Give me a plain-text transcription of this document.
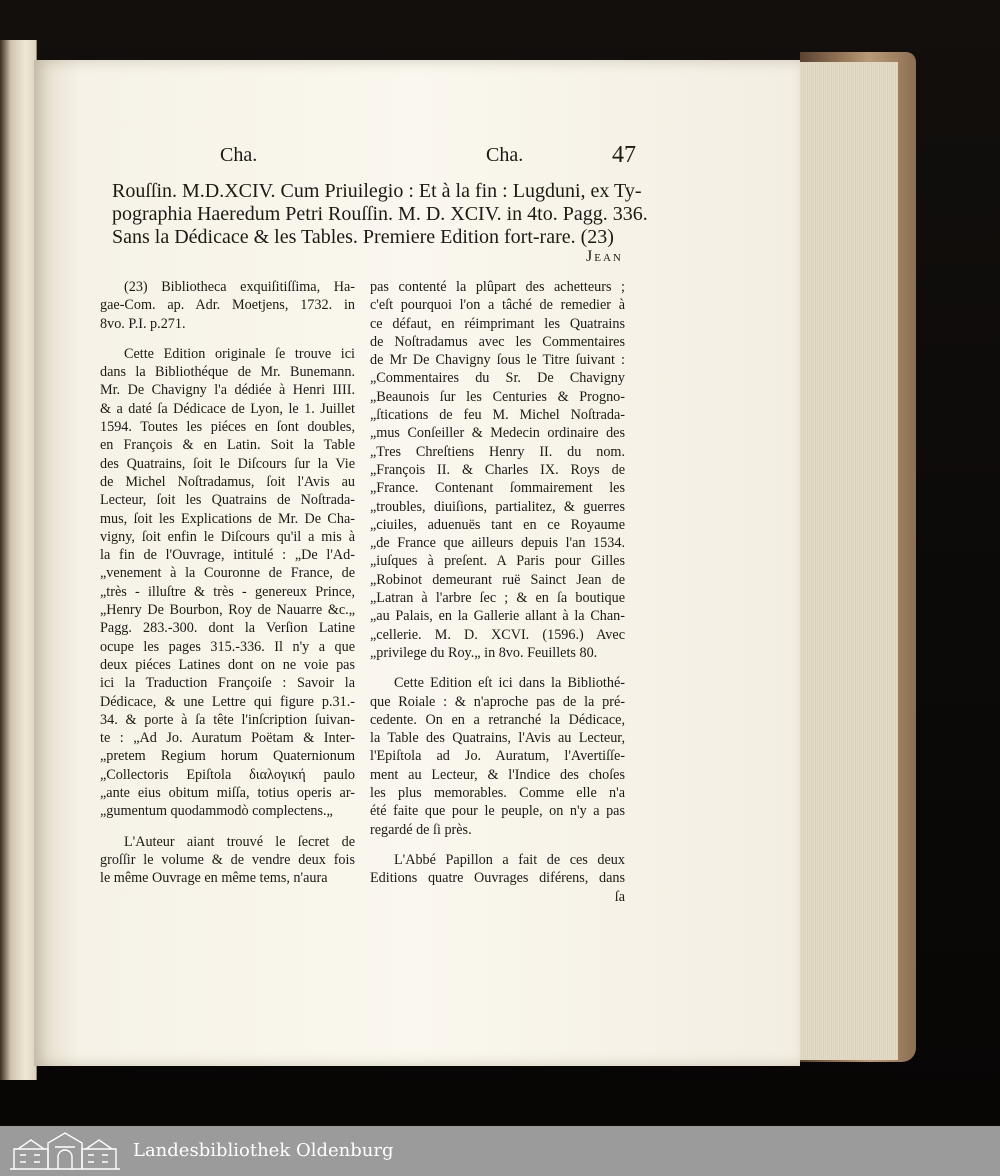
Cha.	Cha.	47
Rouſſin. M.D.XCIV. Cum Priuilegio : Et à la fin : Lugduni, ex Ty-
pographia Haeredum Petri Rouſſin. M. D. XCIV. in 4to. Pagg. 336.
Sans la Dédicace & les Tables. Premiere Edition fort-rare. (23)
Jean
(23) Bibliotheca exquiſitiſſima, Ha-
gae-Com. ap. Adr. Moetjens, 1732. in
8vo. P.I. p.271.
Cette Edition originale ſe trouve ici
dans la Bibliothéque de Mr. Bunemann.
Mr. De Chavigny l'a dédiée à Henri IIII.
& a daté ſa Dédicace de Lyon, le 1. Juillet
1594. Toutes les piéces en ſont doubles,
en François & en Latin. Soit la Table
des Quatrains, ſoit le Diſcours ſur la Vie
de Michel Noſtradamus, ſoit l'Avis au
Lecteur, ſoit les Quatrains de Noſtrada-
mus, ſoit les Explications de Mr. De Cha-
vigny, ſoit enfin le Diſcours qu'il a mis à
la fin de l'Ouvrage, intitulé : „De l'Ad-
„venement à la Couronne de France, de
„très - illuſtre & très - genereux Prince,
„Henry De Bourbon, Roy de Nauarre &c.„
Pagg. 283.-300. dont la Verſion Latine
ocupe les pages 315.-336. Il n'y a que
deux piéces Latines dont on ne voie pas
ici la Traduction Françoiſe : Savoir la
Dédicace, & une Lettre qui figure p.31.-
34. & porte à ſa tête l'inſcription ſuivan-
te : „Ad Jo. Auratum Poëtam & Inter-
„pretem Regium horum Quaternionum
„Collectoris Epiſtola διαλογική paulo
„ante eius obitum miſſa, totius operis ar-
„gumentum quodammodò complectens.„
L'Auteur aiant trouvé le ſecret de
groſſir le volume & de vendre deux fois
le même Ouvrage en même tems, n'aura
pas contenté la plûpart des achetteurs ;
c'eſt pourquoi l'on a tâché de remedier à
ce défaut, en réimprimant les Quatrains
de Noſtradamus avec les Commentaires
de Mr De Chavigny ſous le Titre ſuivant :
„Commentaires du Sr. De Chavigny
„Beaunois ſur les Centuries & Progno-
„ſtications de feu M. Michel Noſtrada-
„mus Conſeiller & Medecin ordinaire des
„Tres Chreſtiens Henry II. du nom.
„François II. & Charles IX. Roys de
„France. Contenant ſommairement les
„troubles, diuiſions, partialitez, & guerres
„ciuiles, aduenuës tant en ce Royaume
„de France que ailleurs depuis l'an 1534.
„iuſques à preſent. A Paris pour Gilles
„Robinot demeurant ruë Sainct Jean de
„Latran à l'arbre ſec ; & en ſa boutique
„au Palais, en la Gallerie allant à la Chan-
„cellerie. M. D. XCVI. (1596.) Avec
„privilege du Roy.„ in 8vo. Feuillets 80.
Cette Edition eſt ici dans la Bibliothé-
que Roiale : & n'aproche pas de la pré-
cedente. On en a retranché la Dédicace,
la Table des Quatrains, l'Avis au Lecteur,
l'Epiſtola ad Jo. Auratum, l'Avertiſſe-
ment au Lecteur, & l'Indice des choſes
les plus memorables. Comme elle n'a
été faite que pour le peuple, on n'y a pas
regardé de ſi près.
L'Abbé Papillon a fait de ces deux
Editions quatre Ouvrages diférens, dans
ſa
Landesbibliothek Oldenburg
